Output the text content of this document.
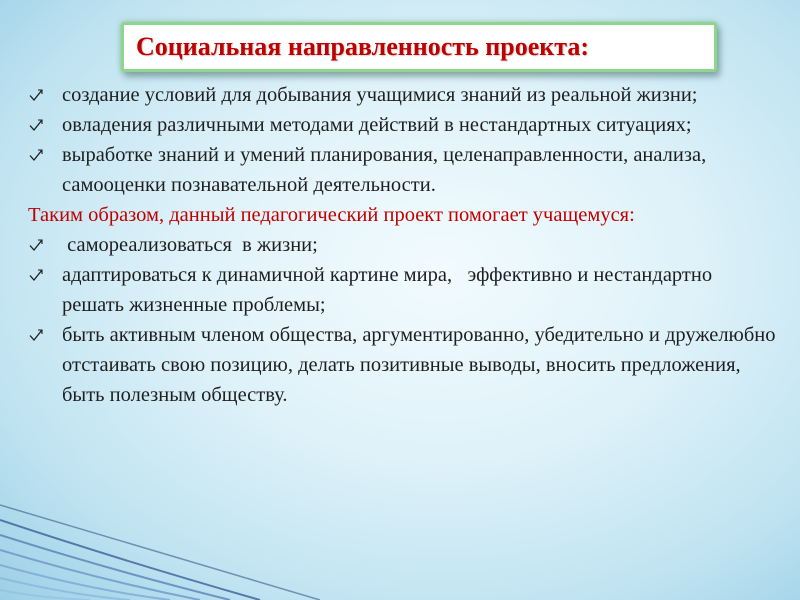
Социальная направленность проекта:

создание условий для добывания учащимися знаний из реальной жизни;

овладения различными методами действий в нестандартных ситуациях;

выработке знаний и умений планирования, целенаправленности, анализа, самооценки познавательной деятельности.

Таким образом, данный педагогический проект помогает учащемуся:

самореализоваться  в жизни;

адаптироваться к динамичной картине мира,   эффективно и нестандартно решать жизненные проблемы;

быть активным членом общества, аргументированно, убедительно и дружелюбно отстаивать свою позицию, делать позитивные выводы, вносить предложения, быть полезным обществу.
